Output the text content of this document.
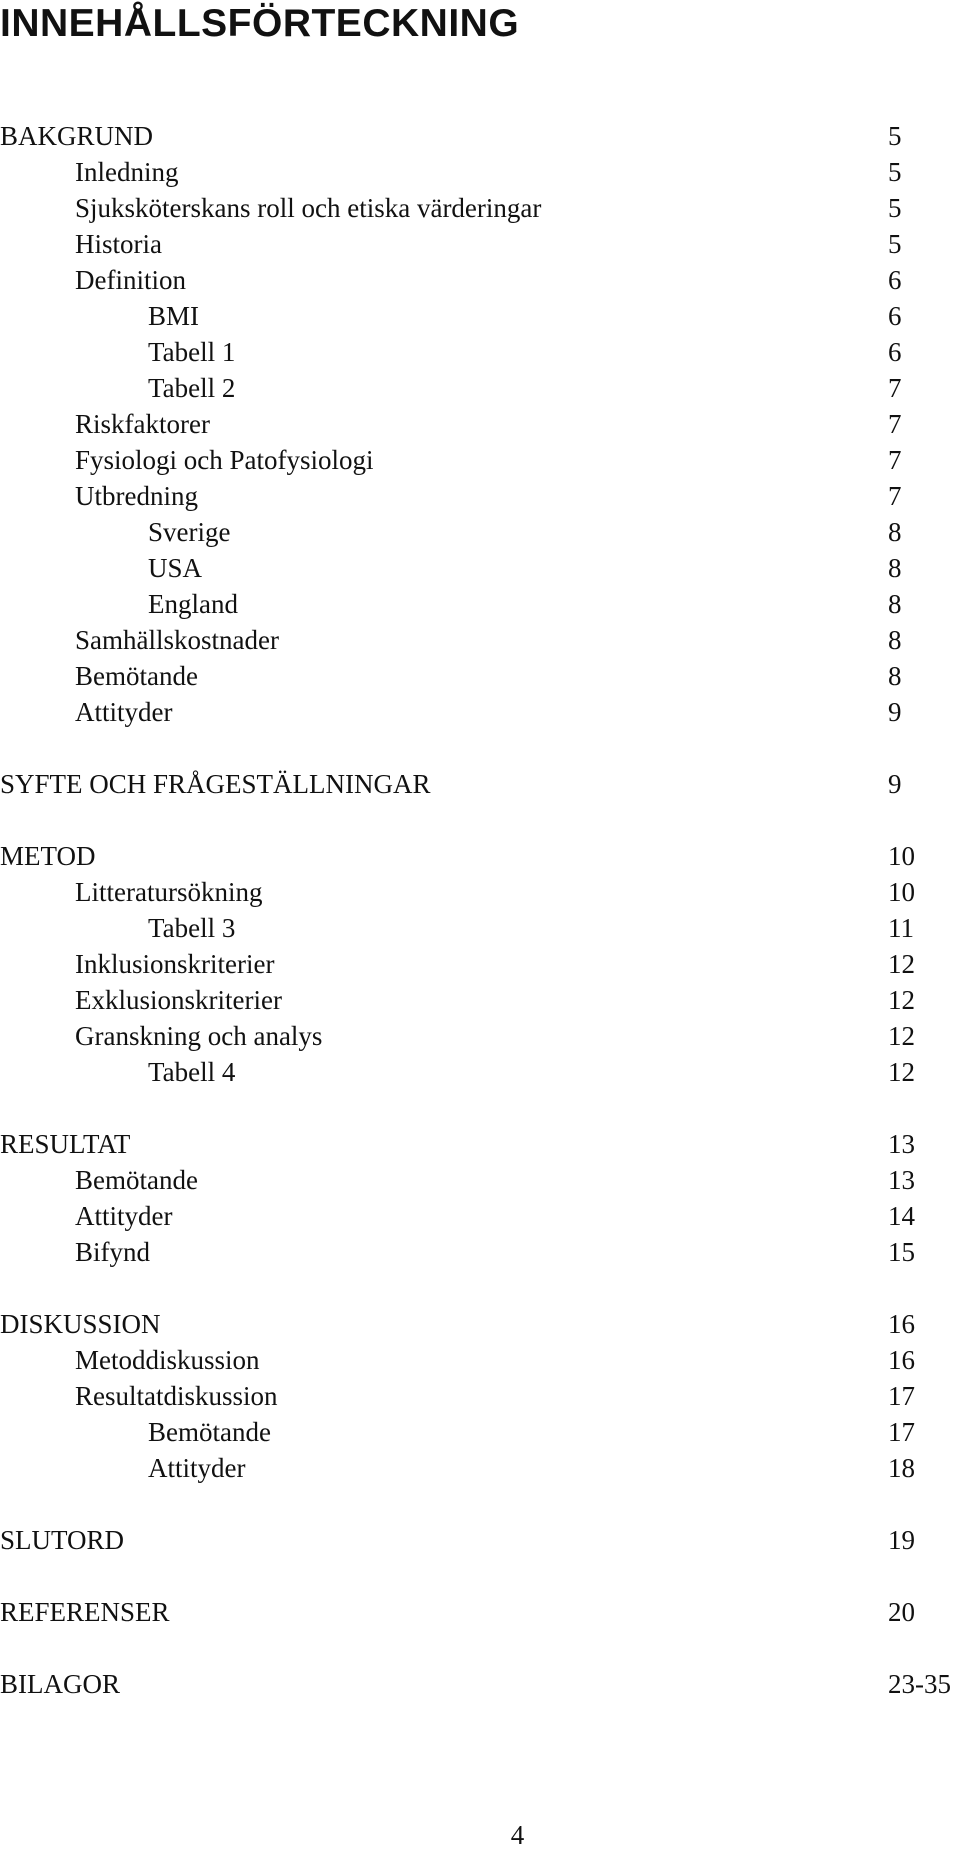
INNEHÅLLSFÖRTECKNING
BAKGRUND	5
Inledning	5
Sjuksköterskans roll och etiska värderingar	5
Historia	5
Definition	6
BMI	6
Tabell 1	6
Tabell 2	7
Riskfaktorer	7
Fysiologi och Patofysiologi	7
Utbredning	7
Sverige	8
USA	8
England	8
Samhällskostnader	8
Bemötande	8
Attityder	9
SYFTE OCH FRÅGESTÄLLNINGAR	9
METOD	10
Litteratursökning	10
Tabell 3	11
Inklusionskriterier	12
Exklusionskriterier	12
Granskning och analys	12
Tabell 4	12
RESULTAT	13
Bemötande	13
Attityder	14
Bifynd	15
DISKUSSION	16
Metoddiskussion	16
Resultatdiskussion	17
Bemötande	17
Attityder	18
SLUTORD	19
REFERENSER	20
BILAGOR	23-35
4
